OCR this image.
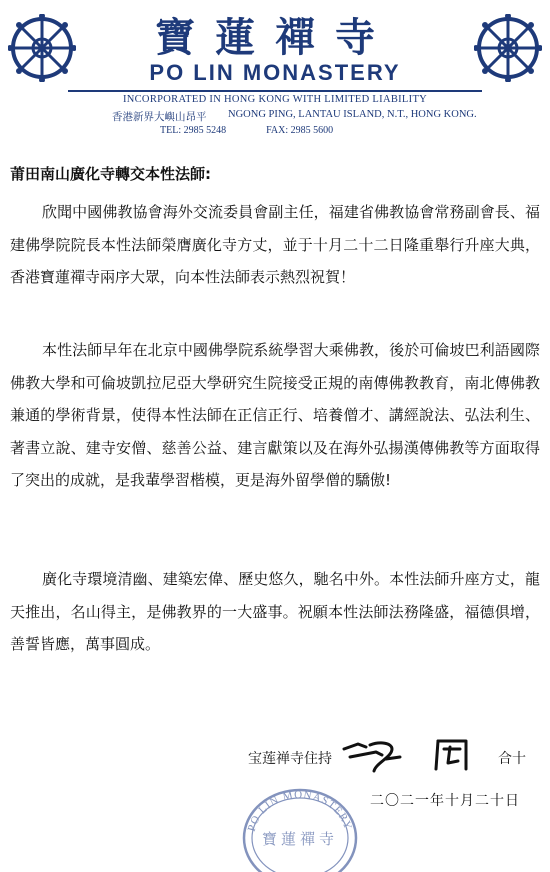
寶蓮禪寺
PO LIN MONASTERY
INCORPORATED IN HONG KONG WITH LIMITED LIABILITY
香港新界大嶼山昂平 NGONG PING, LANTAU ISLAND, N.T., HONG KONG.
TEL: 2985 5248	FAX: 2985 5600
莆田南山廣化寺轉交本性法師:

欣聞中國佛教協會海外交流委員會副主任，福建省佛教協會常務副會長、福建佛學院院長本性法師榮膺廣化寺方丈，並于十月二十二日隆重舉行升座大典，香港寶蓮禪寺兩序大眾，向本性法師表示熱烈祝賀！

本性法師早年在北京中國佛學院系統學習大乘佛教，後於可倫坡巴利語國際佛教大學和可倫坡凱拉尼亞大學研究生院接受正規的南傳佛教教育，南北傳佛教兼通的學術背景，使得本性法師在正信正行、培養僧才、講經說法、弘法利生、著書立說、建寺安僧、慈善公益、建言獻策以及在海外弘揚漢傳佛教等方面取得了突出的成就，是我輩學習楷模，更是海外留學僧的驕傲!

廣化寺環境清幽、建築宏偉、歷史悠久，馳名中外。本性法師升座方丈，龍天推出，名山得主，是佛教界的一大盛事。祝願本性法師法務隆盛，福德俱增，善誓皆應，萬事圓成。

宝莲禅寺住持	合十
PO LIN MONASTERY
寶蓮禪寺
二〇二一年十月二十日
